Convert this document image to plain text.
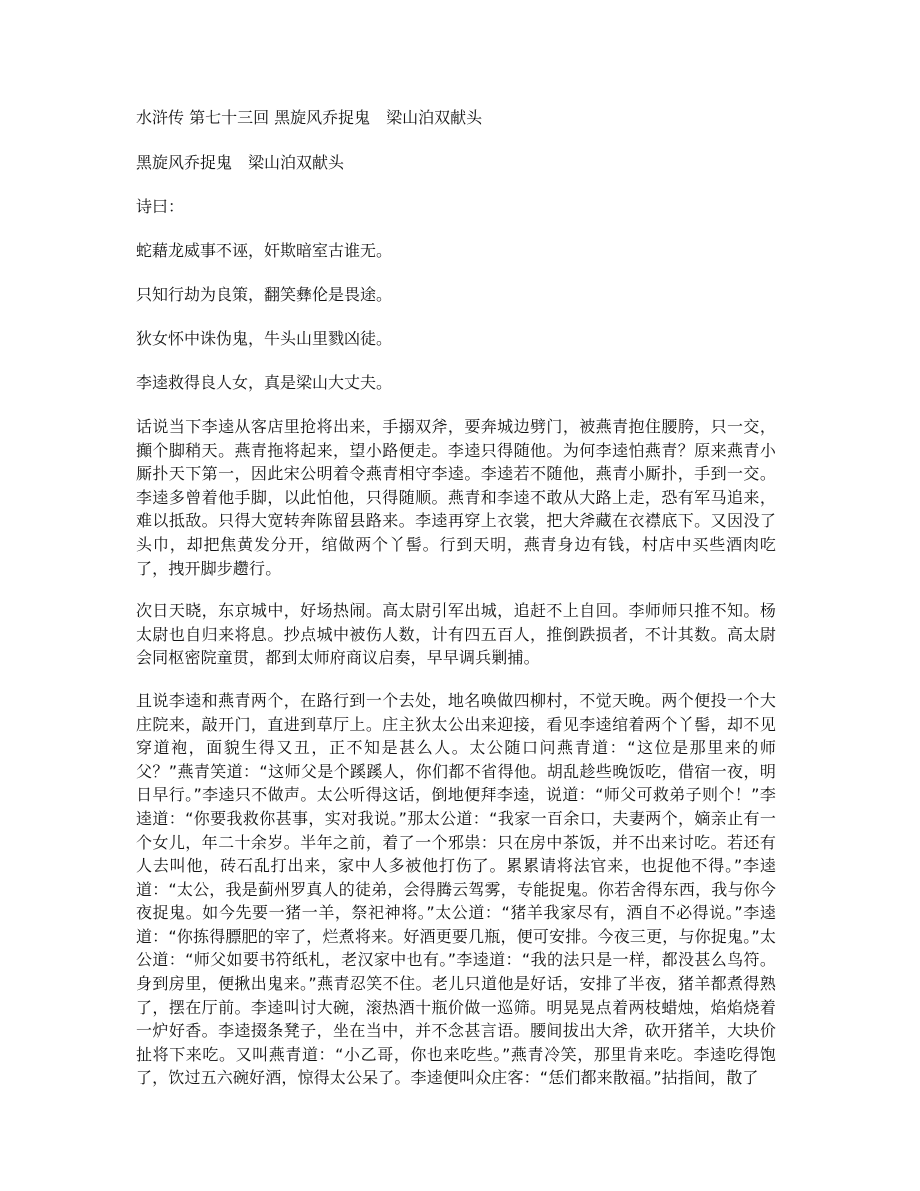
水浒传 第七十三回 黑旋风乔捉鬼　梁山泊双献头
黑旋风乔捉鬼　梁山泊双献头
诗曰：
蛇藉龙威事不诬，奸欺暗室古谁无。
只知行劫为良策，翻笑彝伦是畏途。
狄女怀中诛伪鬼，牛头山里戮凶徒。
李逵救得良人女，真是梁山大丈夫。
话说当下李逵从客店里抢将出来，手搦双斧，要奔城边劈门，被燕青抱住腰胯，只一交，攧个脚稍天。燕青拖将起来，望小路便走。李逵只得随他。为何李逵怕燕青？原来燕青小厮扑天下第一，因此宋公明着令燕青相守李逵。李逵若不随他，燕青小厮扑，手到一交。李逵多曾着他手脚，以此怕他，只得随顺。燕青和李逵不敢从大路上走，恐有军马追来，难以抵敌。只得大宽转奔陈留县路来。李逵再穿上衣裳，把大斧藏在衣襟底下。又因没了头巾，却把焦黄发分开，绾做两个丫髻。行到天明，燕青身边有钱，村店中买些酒肉吃了，拽开脚步趱行。
次日天晓，东京城中，好场热闹。高太尉引军出城，追赶不上自回。李师师只推不知。杨太尉也自归来将息。抄点城中被伤人数，计有四五百人，推倒跌损者，不计其数。高太尉会同枢密院童贯，都到太师府商议启奏，早早调兵剿捕。
且说李逵和燕青两个，在路行到一个去处，地名唤做四柳村，不觉天晚。两个便投一个大庄院来，敲开门，直进到草厅上。庄主狄太公出来迎接，看见李逵绾着两个丫髻，却不见穿道袍，面貌生得又丑，正不知是甚么人。太公随口问燕青道：“这位是那里来的师父？”燕青笑道：“这师父是个蹊蹊人，你们都不省得他。胡乱趁些晚饭吃，借宿一夜，明日早行。”李逵只不做声。太公听得这话，倒地便拜李逵，说道：“师父可救弟子则个！”李逵道：“你要我救你甚事，实对我说。”那太公道：“我家一百余口，夫妻两个，嫡亲止有一个女儿，年二十余岁。半年之前，着了一个邪祟：只在房中茶饭，并不出来讨吃。若还有人去叫他，砖石乱打出来，家中人多被他打伤了。累累请将法官来，也捉他不得。”李逵道：“太公，我是蓟州罗真人的徒弟，会得腾云驾雾，专能捉鬼。你若舍得东西，我与你今夜捉鬼。如今先要一猪一羊，祭祀神将。”太公道：“猪羊我家尽有，酒自不必得说。”李逵道：“你拣得膘肥的宰了，烂煮将来。好酒更要几瓶，便可安排。今夜三更，与你捉鬼。”太公道：“师父如要书符纸札，老汉家中也有。”李逵道：“我的法只是一样，都没甚么鸟符。身到房里，便揪出鬼来。”燕青忍笑不住。老儿只道他是好话，安排了半夜，猪羊都煮得熟了，摆在厅前。李逵叫讨大碗，滚热酒十瓶价做一巡筛。明晃晃点着两枝蜡烛，焰焰烧着一炉好香。李逵掇条凳子，坐在当中，并不念甚言语。腰间拔出大斧，砍开猪羊，大块价扯将下来吃。又叫燕青道：“小乙哥，你也来吃些。”燕青冷笑，那里肯来吃。李逵吃得饱了，饮过五六碗好酒，惊得太公呆了。李逵便叫众庄客：“恁们都来散福。”拈指间，散了
